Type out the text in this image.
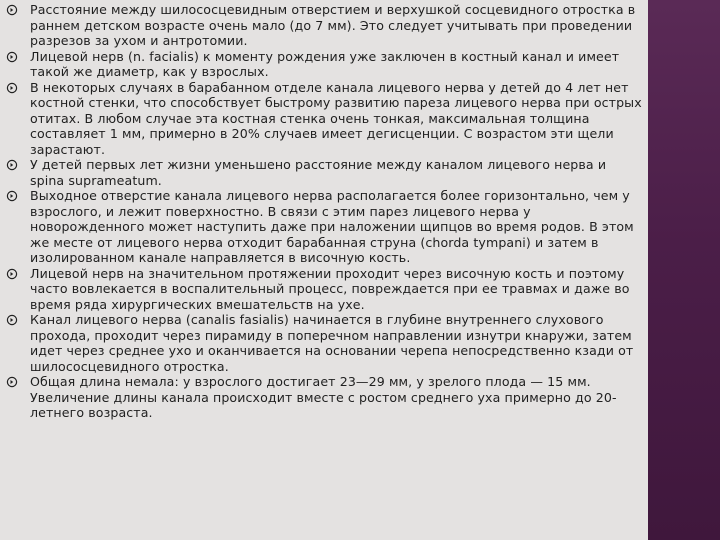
Расстояние между шилососцевидным отверстием и верхушкой сосцевидного отростка в раннем детском возрасте очень мало (до 7 мм). Это следует учитывать при проведении разрезов за ухом и антротомии.
Лицевой нерв (n. facialis) к моменту рождения уже заключен в костный канал и имеет такой же диаметр, как у взрослых.
В некоторых случаях в барабанном отделе канала лицевого нерва у детей до 4 лет нет костной стенки, что способствует быстрому развитию пареза лицевого нерва при острых отитах. В любом случае эта костная стенка очень тонкая, максимальная толщина составляет 1 мм, примерно в 20% случаев имеет дегисценции. С возрастом эти щели зарастают.
У детей первых лет жизни уменьшено расстояние между каналом лицевого нерва и spina suprameatum.
Выходное отверстие канала лицевого нерва располагается более горизонтально, чем у взрослого, и лежит поверхностно. В связи с этим парез лицевого нерва у новорожденного может наступить даже при наложении щипцов во время родов. В этом же месте от лицевого нерва отходит барабанная струна (chorda tympani) и затем в изолированном канале направляется в височную кость.
Лицевой нерв на значительном протяжении проходит через височную кость и поэтому часто вовлекается в воспалительный процесс, повреждается при ее травмах и даже во время ряда хирургических вмешательств на ухе.
Канал лицевого нерва (canalis fasialis) начинается в глубине внутреннего слухового прохода, проходит через пирамиду в поперечном направлении изнутри кнаружи, затем идет через среднее ухо и оканчивается на основании черепа непосредственно кзади от шилососцевидного отростка.
Общая длина немала: у взрослого достигает 23—29 мм, у зрелого плода — 15 мм. Увеличение длины канала происходит вместе с ростом среднего уха примерно до 20-летнего возраста.
